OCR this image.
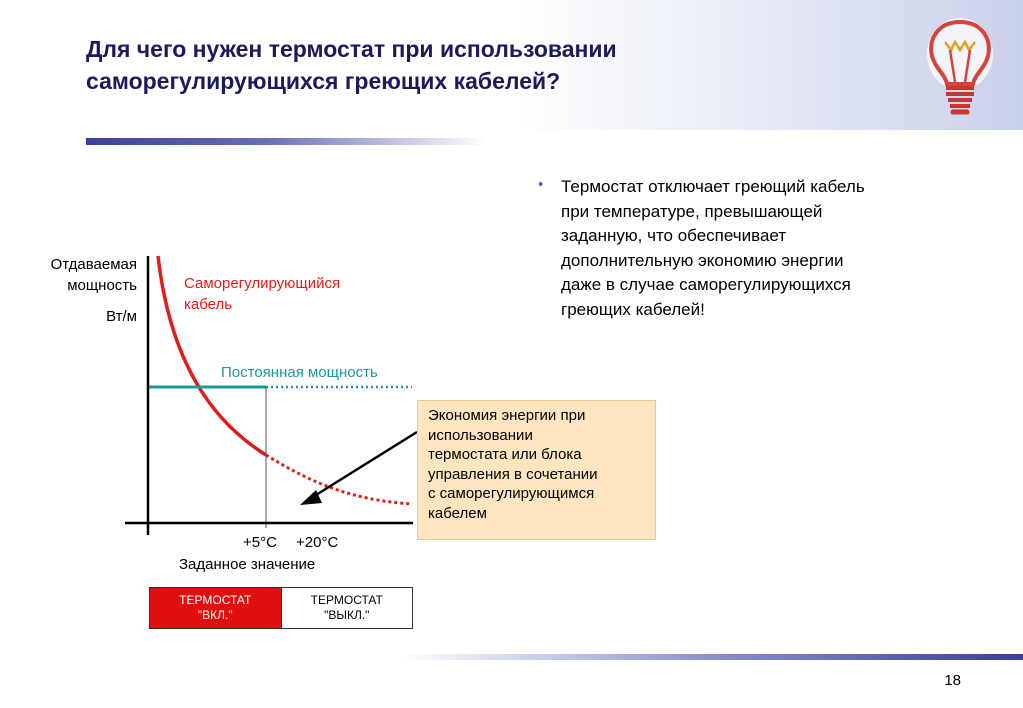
Для чего нужен термостат при использовании
саморегулирующихся греющих кабелей?
• Термостат отключает греющий кабель
при температуре, превышающей
заданную, что обеспечивает
дополнительную экономию энергии
даже в случае саморегулирующихся
греющих кабелей!
Отдаваемая
мощность
Вт/м
Саморегулирующийся
кабель
Постоянная мощность
+5°C +20°C
Заданное значение
Экономия энергии при
использовании
термостата или блока
управления в сочетании
с саморегулирующимся
кабелем
ТЕРМОСТАТ
"ВКЛ."

ТЕРМОСТАТ
"ВЫКЛ."
18
